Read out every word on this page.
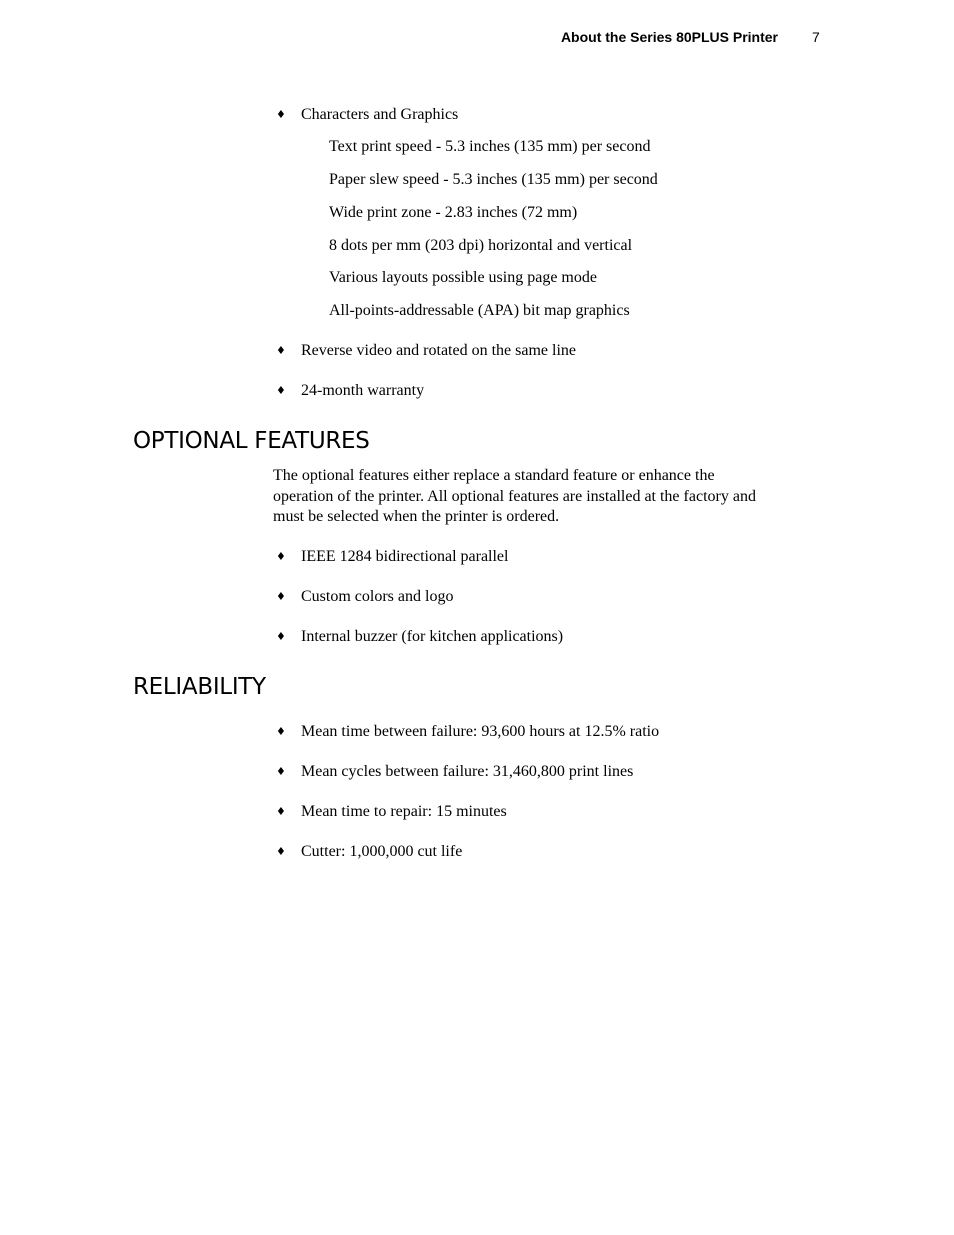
About the Series 80PLUS Printer 7
♦ Characters and Graphics
Text print speed - 5.3 inches (135 mm) per second
Paper slew speed - 5.3 inches (135 mm) per second
Wide print zone - 2.83 inches (72 mm)
8 dots per mm (203 dpi) horizontal and vertical
Various layouts possible using page mode
All-points-addressable (APA) bit map graphics
♦ Reverse video and rotated on the same line
♦ 24-month warranty
OPTIONAL FEATURES

The optional features either replace a standard feature or enhance the operation of the printer. All optional features are installed at the factory and must be selected when the printer is ordered.

♦ IEEE 1284 bidirectional parallel
♦ Custom colors and logo
♦ Internal buzzer (for kitchen applications)
RELIABILITY
♦ Mean time between failure: 93,600 hours at 12.5% ratio
♦ Mean cycles between failure: 31,460,800 print lines
♦ Mean time to repair: 15 minutes
♦ Cutter: 1,000,000 cut life
